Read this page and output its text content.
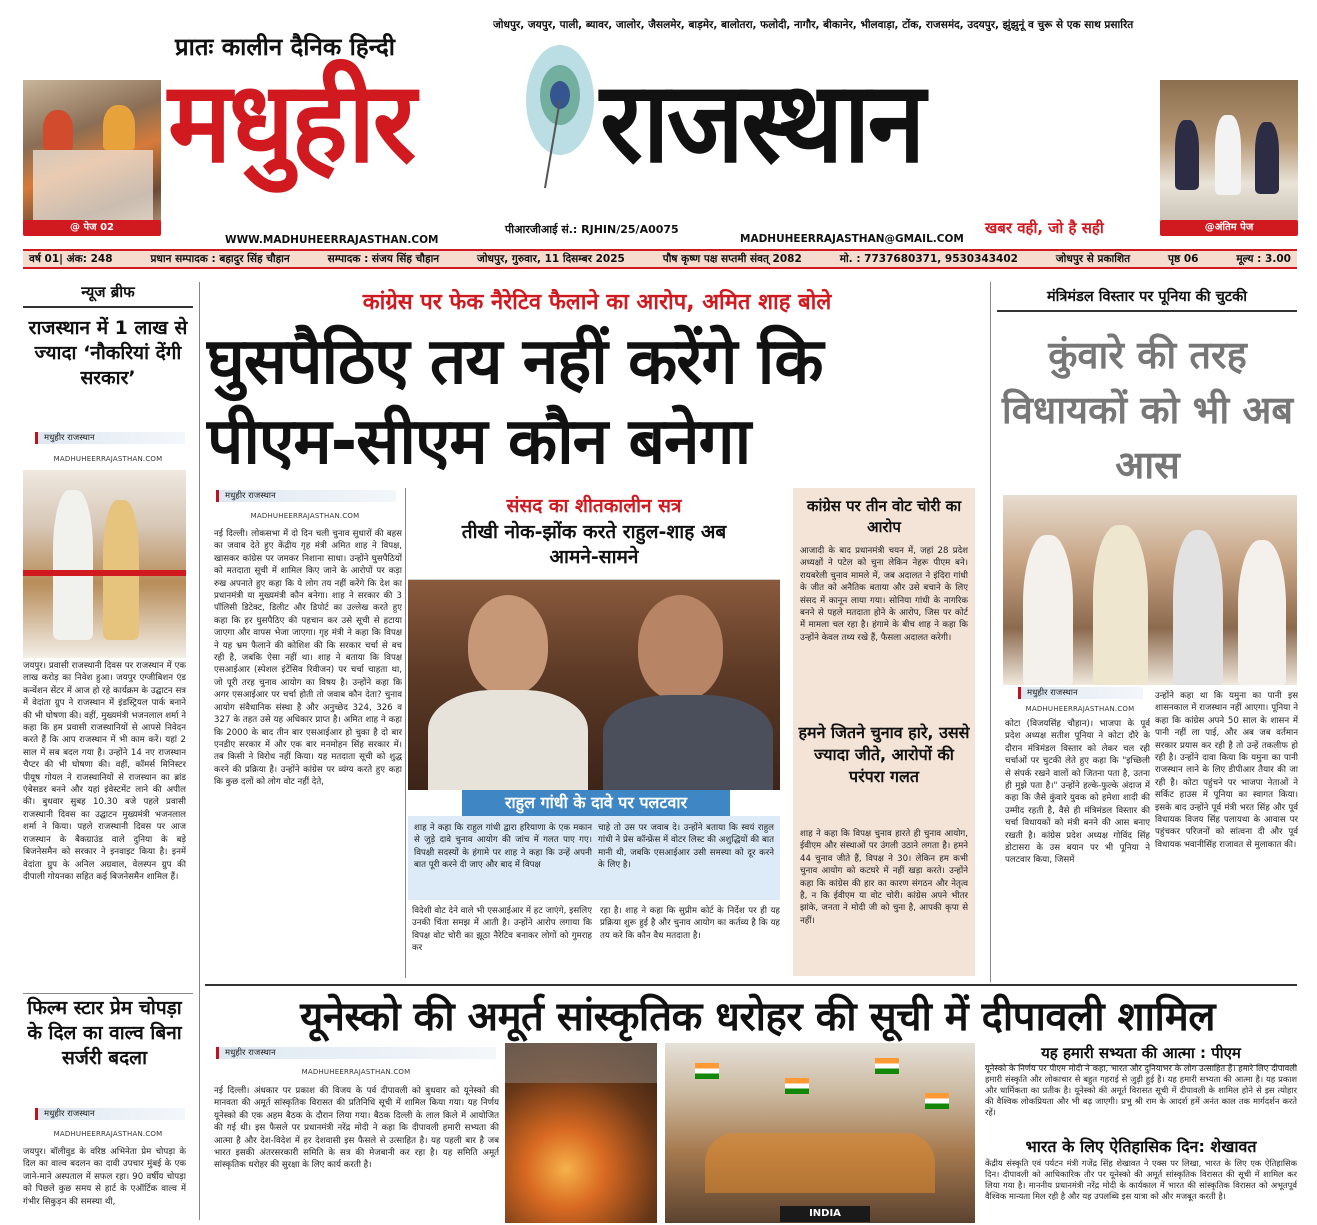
@ पेज 02
प्रातः कालीन दैनिक हिन्दी
मधुहीर राजस्थान
जोधपुर, जयपुर, पाली, ब्यावर, जालोर, जैसलमेर, बाड़मेर, बालोतरा, फलोदी, नागौर, बीकानेर, भीलवाड़ा, टोंक, राजसमंद, उदयपुर, झुंझुनूं व चुरू से एक साथ प्रसारित
@अंतिम पेज
पीआरजीआई सं.: RJHIN/25/A0075	खबर वही, जो है सही
WWW.MADHUHEERRAJASTHAN.COM	MADHUHEERRAJASTHAN@GMAIL.COM
वर्ष 01| अंक: 248	प्रधान सम्पादक : बहादुर सिंह चौहान	सम्पादक : संजय सिंह चौहान	जोधपुर, गुरुवार, 11 दिसम्बर 2025	पौष कृष्ण पक्ष सप्तमी संवत् 2082	मो. : 7737680371, 9530343402	जोधपुर से प्रकाशित	पृष्ठ 06	मूल्य : 3.00
न्यूज ब्रीफ
राजस्थान में 1 लाख से ज्यादा ‘नौकरियां देंगी सरकार’
मधुहीर राजस्थान
MADHUHEERRAJASTHAN.COM
जयपुर। प्रवासी राजस्थानी दिवस पर राजस्थान में एक लाख करोड़ का निवेश हुआ। जयपुर एग्जीबिशन एंड कन्वेंशन सेंटर में आज हो रहे कार्यक्रम के उद्घाटन सत्र में वेदांता ग्रुप ने राजस्थान में इंडस्ट्रियल पार्क बनाने की भी घोषणा की। वहीं, मुख्यमंत्री भजनलाल शर्मा ने कहा कि हम प्रवासी राजस्थानियों से आपसे निवेदन करते हैं कि आप राजस्थान में भी काम करें। यहां 2 साल में सब बदल गया है। उन्होंने 14 नए राजस्थान चैप्टर की भी घोषणा की। वहीं, कॉमर्स मिनिस्टर पीयूष गोयल ने राजस्थानियों से राजस्थान का ब्रांड एंबेसडर बनने और यहां इंवेस्टमेंट लाने की अपील की। बुधवार सुबह 10.30 बजे पहले प्रवासी राजस्थानी दिवस का उद्घाटन मुख्यमंत्री भजनलाल शर्मा ने किया। पहले राजस्थानी दिवस पर आज राजस्थान के बैकग्राउंड वाले दुनिया के बड़े बिजनेसमैन को सरकार ने इनवाइट किया है। इनमें वेदांता ग्रुप के अनिल अग्रवाल, वेलस्पन ग्रुप की दीपाली गोयनका सहित कई बिजनेसमैन शामिल हैं।
फिल्म स्टार प्रेम चोपड़ा के दिल का वाल्व बिना सर्जरी बदला
मधुहीर राजस्थान
MADHUHEERRAJASTHAN.COM
जयपुर। बॉलीवुड के वरिष्ठ अभिनेता प्रेम चोपड़ा के दिल का वाल्व बदलन का दावी उपचार मुंबई के एक जाने-माने अस्पताल में सफल रहा। 90 वर्षीय चोपड़ा को पिछले कुछ समय से हार्ट के एऑर्टिक वाल्व में गंभीर सिकुड़न की समस्या थी,
कांग्रेस पर फेक नैरेटिव फैलाने का आरोप, अमित शाह बोले
घुसपैठिए तय नहीं करेंगे कि पीएम-सीएम कौन बनेगा
मधुहीर राजस्थान
MADHUHEERRAJASTHAN.COM
नई दिल्ली। लोकसभा में दो दिन चली चुनाव सुधारों की बहस का जवाब देते हुए केंद्रीय गृह मंत्री अमित शाह ने विपक्ष, खासकर कांग्रेस पर जमकर निशाना साधा। उन्होंने घुसपैठियों को मतदाता सूची में शामिल किए जाने के आरोपों पर कड़ा रुख अपनाते हुए कहा कि ये लोग तय नहीं करेंगे कि देश का प्रधानमंत्री या मुख्यमंत्री कौन बनेगा। शाह ने सरकार की 3 पॉलिसी डिटेक्ट, डिलीट और डिपोर्ट का उल्लेख करते हुए कहा कि हर घुसपैठिए की पहचान कर उसे सूची से हटाया जाएगा और वापस भेजा जाएगा। गृह मंत्री ने कहा कि विपक्ष ने यह भ्रम फैलाने की कोशिश की कि सरकार चर्चा से बच रही है, जबकि ऐसा नहीं था। शाह ने बताया कि विपक्ष एसआईआर (स्पेशल इंटेंसिव रिवीजन) पर चर्चा चाहता था, जो पूरी तरह चुनाव आयोग का विषय है। उन्होंने कहा कि अगर एसआईआर पर चर्चा होती तो जवाब कौन देता? चुनाव आयोग संवैधानिक संस्था है और अनुच्छेद 324, 326 व 327 के तहत उसे यह अधिकार प्राप्त है। अमित शाह ने कहा कि 2000 के बाद तीन बार एसआईआर हो चुका है दो बार एनडीए सरकार में और एक बार मनमोहन सिंह सरकार में। तब किसी ने विरोध नहीं किया। यह मतदाता सूची को शुद्ध करने की प्रक्रिया है। उन्होंने कांग्रेस पर व्यंग्य करते हुए कहा कि कुछ दलों को लोग वोट नहीं देते,
संसद का शीतकालीन सत्र
तीखी नोक-झोंक करते राहुल-शाह अब आमने-सामने
राहुल गांधी के दावे पर पलटवार
शाह ने कहा कि राहुल गांधी द्वारा हरियाणा के एक मकान से जुड़े दावे चुनाव आयोग की जांच में गलत पाए गए। विपक्षी सदस्यों के हंगामे पर शाह ने कहा कि उन्हें अपनी बात पूरी करने दी जाए और बाद में विपक्ष
चाहे तो उस पर जवाब दे। उन्होंने बताया कि स्वयं राहुल गांधी ने प्रेस कॉन्फ्रेंस में वोटर लिस्ट की अशुद्धियों की बात मानी थी, जबकि एसआईआर उसी समस्या को दूर करने के लिए है।
विदेशी वोट देने वाले भी एसआईआर में हट जाएंगे, इसलिए उनकी चिंता समझ में आती है। उन्होंने आरोप लगाया कि विपक्ष वोट चोरी का झूठा नैरेटिव बनाकर लोगों को गुमराह कर
रहा है। शाह ने कहा कि सुप्रीम कोर्ट के निर्देश पर ही यह प्रक्रिया शुरू हुई है और चुनाव आयोग का कर्तव्य है कि यह तय करे कि कौन वैध मतदाता है।
कांग्रेस पर तीन वोट चोरी का आरोप
आजादी के बाद प्रधानमंत्री चयन में, जहां 28 प्रदेश अध्यक्षों ने पटेल को चुना लेकिन नेहरू पीएम बने। रायबरेली चुनाव मामले में, जब अदालत ने इंदिरा गांधी के जीत को अनैतिक बताया और उसे बचाने के लिए संसद में कानून लाया गया। सोनिया गांधी के नागरिक बनने से पहले मतदाता होने के आरोप, जिस पर कोर्ट में मामला चल रहा है। हंगामे के बीच शाह ने कहा कि उन्होंने केवल तथ्य रखे हैं, फैसला अदालत करेगी।
हमने जितने चुनाव हारे, उससे ज्यादा जीते, आरोपों की परंपरा गलत
शाह ने कहा कि विपक्ष चुनाव हारते ही चुनाव आयोग, ईवीएम और संस्थाओं पर उंगली उठाने लगता है। हमने 44 चुनाव जीते हैं, विपक्ष ने 30। लेकिन हम कभी चुनाव आयोग को कटघरे में नहीं खड़ा करते। उन्होंने कहा कि कांग्रेस की हार का कारण संगठन और नेतृत्व है, न कि ईवीएम या वोट चोरी। कांग्रेस अपने भीतर झांके, जनता ने मोदी जी को चुना है, आपकी कृपा से नहीं।
मंत्रिमंडल विस्तार पर पूनिया की चुटकी
कुंवारे की तरह विधायकों को भी अब आस
मधुहीर राजस्थान
MADHUHEERRAJASTHAN.COM
कोटा (विजयसिंह चौहान)। भाजपा के पूर्व प्रदेश अध्यक्ष सतीश पूनिया ने कोटा दौरे के दौरान मंत्रिमंडल विस्तार को लेकर चल रही चर्चाओं पर चुटकी लेते हुए कहा कि "इच्छिली से संपर्क रखने वालों को जितना पता है, उतना ही मुझे पता है।" उन्होंने हल्के-फुल्के अंदाज में कहा कि जैसे कुंवारे युवक को हमेशा शादी की उम्मीद रहती है, वैसे ही मंत्रिमंडल विस्तार की चर्चा विधायकों को मंत्री बनने की आस बनाए रखती है। कांग्रेस प्रदेश अध्यक्ष गोविंद सिंह डोटासरा के उस बयान पर भी पूनिया ने पलटवार किया, जिसमें
उन्होंने कहा था कि यमुना का पानी इस शासनकाल में राजस्थान नहीं आएगा। पूनिया ने कहा कि कांग्रेस अपने 50 साल के शासन में पानी नहीं ला पाई, और अब जब वर्तमान सरकार प्रयास कर रही है तो उन्हें तकलीफ हो रही है। उन्होंने दावा किया कि यमुना का पानी राजस्थान लाने के लिए डीपीआर तैयार की जा रही है। कोटा पहुंचने पर भाजपा नेताओं ने सर्किट हाउस में पूनिया का स्वागत किया। इसके बाद उन्होंने पूर्व मंत्री भरत सिंह और पूर्व विधायक विजय सिंह पलायथा के आवास पर पहुंचकर परिजनों को सांत्वना दी और पूर्व विधायक भवानीसिंह राजावत से मुलाकात की।
यूनेस्को की अमूर्त सांस्कृतिक धरोहर की सूची में दीपावली शामिल
मधुहीर राजस्थान
MADHUHEERRAJASTHAN.COM
नई दिल्ली। अंधकार पर प्रकाश की विजय के पर्व दीपावली को बुधवार को यूनेस्को की मानवता की अमूर्त सांस्कृतिक विरासत की प्रतिनिधि सूची में शामिल किया गया। यह निर्णय यूनेस्को की एक अहम बैठक के दौरान लिया गया। बैठक दिल्ली के लाल किले में आयोजित की गई थी। इस फैसले पर प्रधानमंत्री नरेंद्र मोदी ने कहा कि दीपावली हमारी सभ्यता की आत्मा है और देश-विदेश में हर देशवासी इस फैसले से उत्साहित है। यह पहली बार है जब भारत इसकी अंतरसरकारी समिति के सत्र की मेजबानी कर रहा है। यह समिति अमूर्त सांस्कृतिक धरोहर की सुरक्षा के लिए कार्य करती है।
INDIA
यह हमारी सभ्यता की आत्मा : पीएम
यूनेस्को के निर्णय पर पीएम मोदी ने कहा, भारत और दुनियाभर के लोग उत्साहित हैं। हमारे लिए दीपावली हमारी संस्कृति और लोकाचार से बहुत गहराई से जुड़ी हुई है। यह हमारी सभ्यता की आत्मा है। यह प्रकाश और धार्मिकता का प्रतीक है। यूनेस्को की अमूर्त विरासत सूची में दीपावली के शामिल होने से इस त्योहार की वैश्विक लोकप्रियता और भी बढ़ जाएगी। प्रभु श्री राम के आदर्श हमें अनंत काल तक मार्गदर्शन करते रहें।
भारत के लिए ऐतिहासिक दिन: शेखावत
केंद्रीय संस्कृति एवं पर्यटन मंत्री गजेंद्र सिंह शेखावत ने एक्स पर लिखा, भारत के लिए एक ऐतिहासिक दिन। दीपावली को आधिकारिक तौर पर यूनेस्को की अमूर्त सांस्कृतिक विरासत की सूची में शामिल कर लिया गया है। माननीय प्रधानमंत्री नरेंद्र मोदी के कार्यकाल में भारत की सांस्कृतिक विरासत को अभूतपूर्व वैश्विक मान्यता मिल रही है और यह उपलब्धि इस यात्रा को और मजबूत करती है।
